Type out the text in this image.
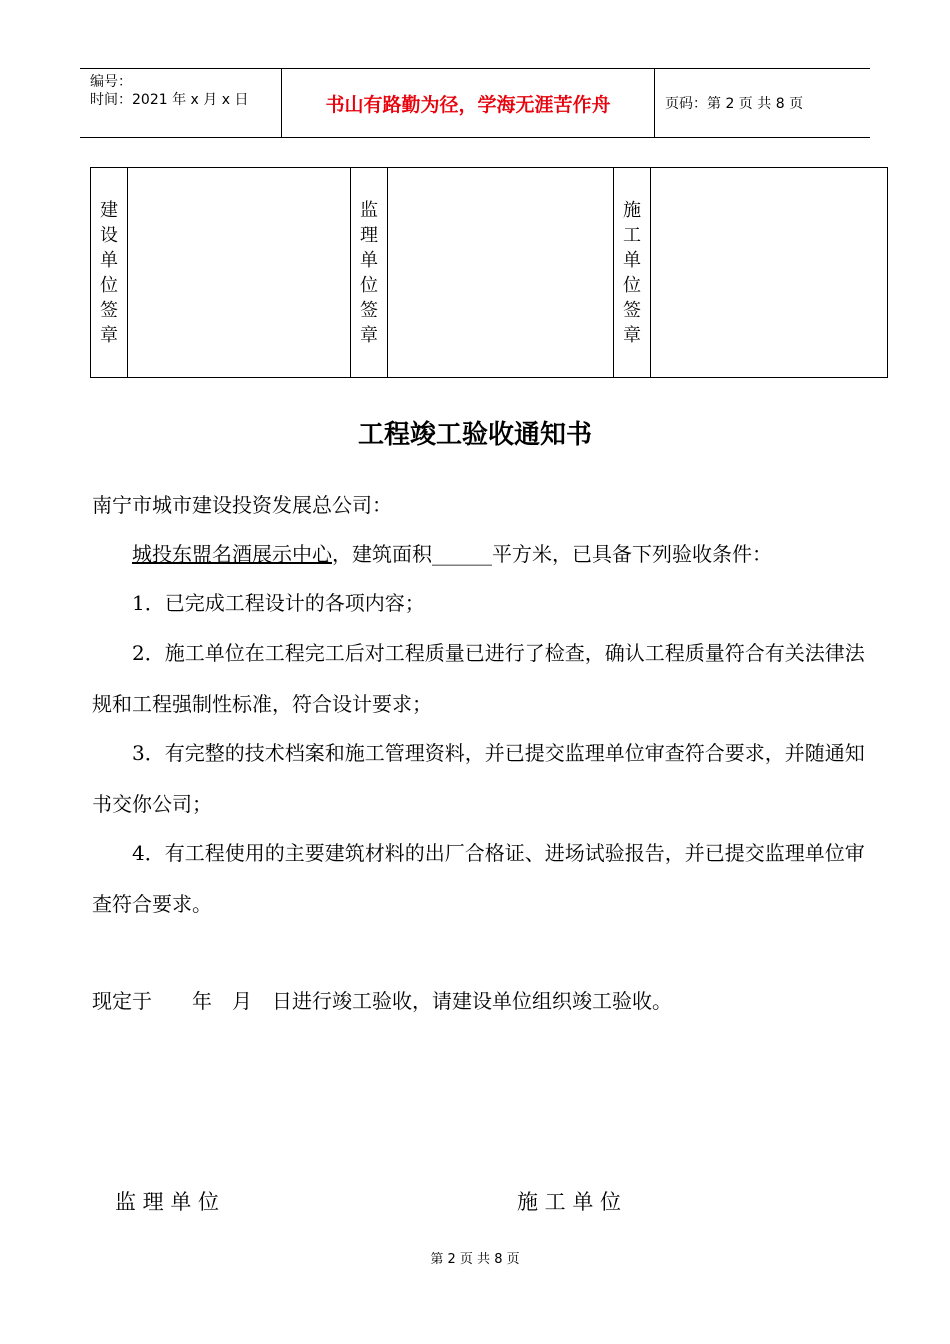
编号：
时间：2021 年 x 月 x 日	书山有路勤为径，学海无涯苦作舟	页码：第 2 页 共 8 页
建设单位签章		监理单位签章		施工单位签章	
工程竣工验收通知书
南宁市城市建设投资发展总公司：
城投东盟名酒展示中心，建筑面积______平方米，已具备下列验收条件：
1．已完成工程设计的各项内容；
2．施工单位在工程完工后对工程质量已进行了检查，确认工程质量符合有关法律法规和工程强制性标准，符合设计要求；
3．有完整的技术档案和施工管理资料，并已提交监理单位审查符合要求，并随通知书交你公司；
4．有工程使用的主要建筑材料的出厂合格证、进场试验报告，并已提交监理单位审查符合要求。
现定于　　年　月　日进行竣工验收，请建设单位组织竣工验收。
监 理 单 位	施 工 单 位
第 2 页 共 8 页
